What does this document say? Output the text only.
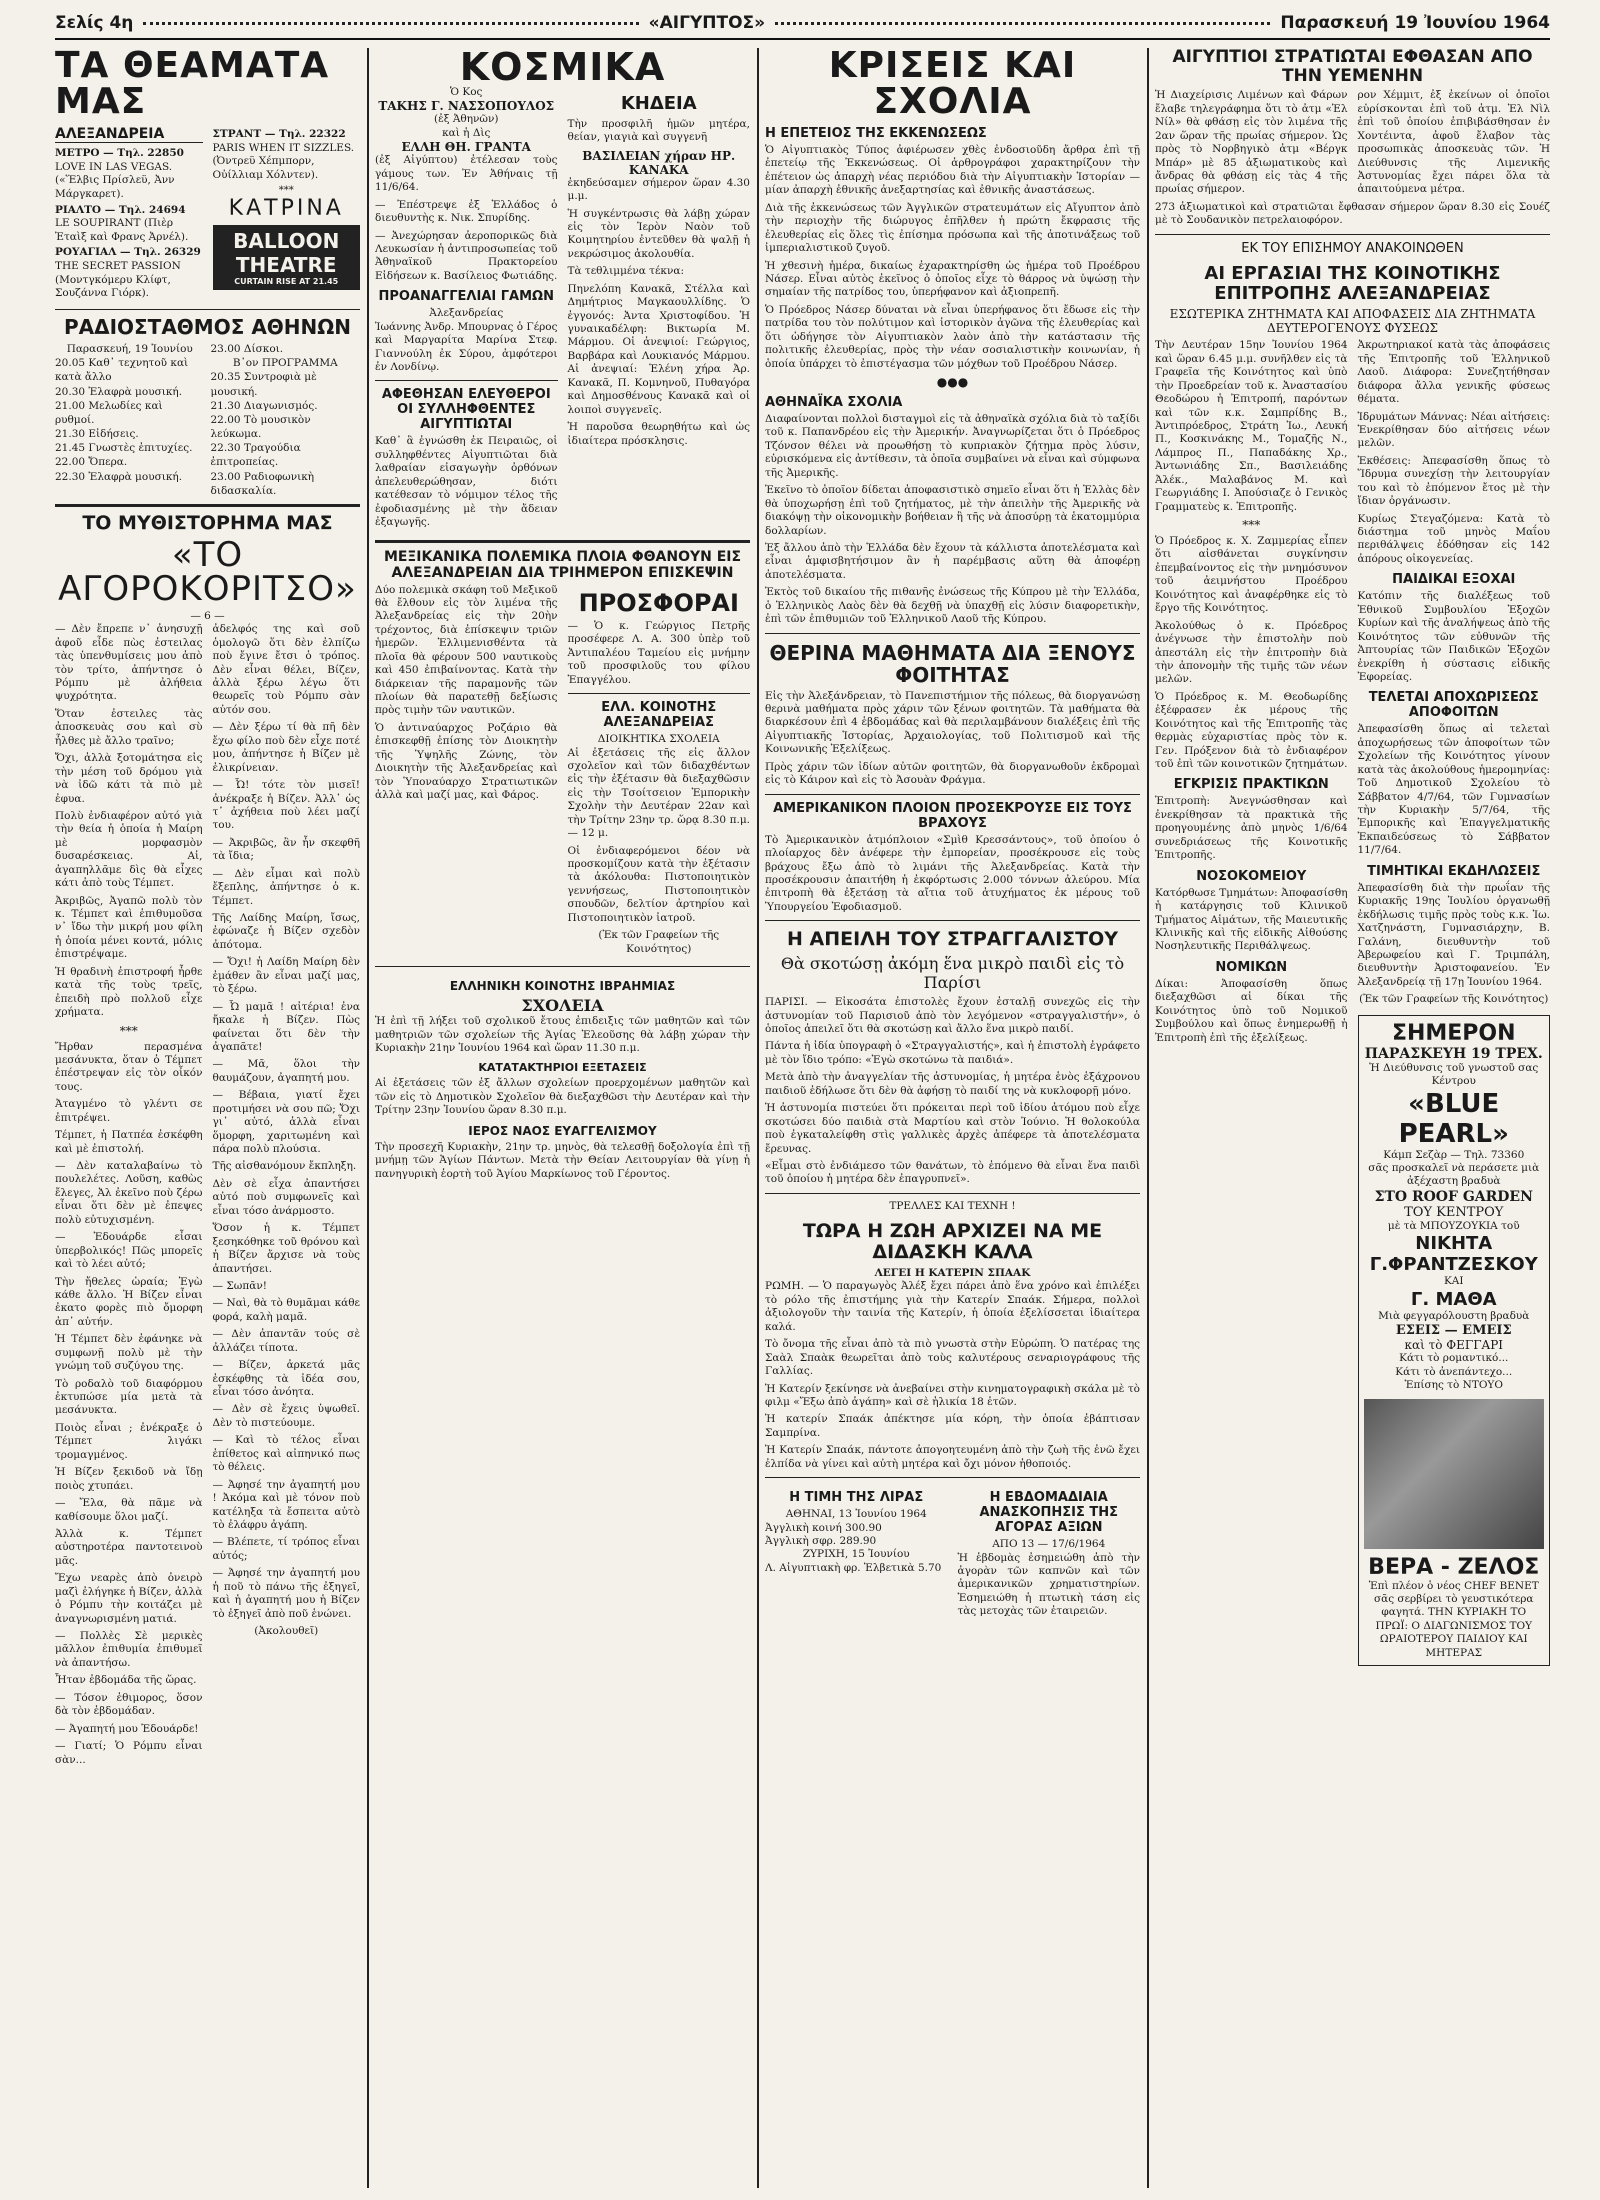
Σελίς 4η	«ΑΙΓΥΠΤΟΣ»	Παρασκευή 19 Ἰουνίου 1964
ΤΑ ΘΕΑΜΑΤΑ ΜΑΣ
ΑΛΕΞΑΝΔΡΕΙΑ
ΜΕΤΡΟ — Τηλ. 22850
LOVE IN LAS VEGAS. («Ἕλβις Πρίσλεϋ, Ἀνν Μάργκαρετ).
ΡΙΑΛΤΟ — Τηλ. 24694
LE SOUPIRANT (Πιὲρ Ἐταὶξ καὶ Φρανς Ἀρνέλ).
ΡΟΥΑΓΙΑΛ — Τηλ. 26329
THE SECRET PASSION (Μοντγκόμερυ Κλίφτ, Σουζάννα Γιόρκ).
ΣΤΡΑΝΤ — Τηλ. 22322
PARIS WHEN IT SIZZLES. (Ὀντρεϋ Χέπμπορν, Οὐίλλιαμ Χόλντεν).
***
ΚΑΤΡΙΝΑ
BALLOON
THEATRE
CURTAIN RISE AT 21.45
ΡΑΔΙΟΣΤΑΘΜΟΣ ΑΘΗΝΩΝ
Παρασκευή, 19 Ἰουνίου
20.05 Καθ᾽ τεχνητοῦ καὶ κατὰ ἄλλο
20.30 Ἐλαφρὰ μουσική.
21.00 Μελωδίες καὶ ρυθμοί.
21.30 Εἰδήσεις.
21.45 Γνωστὲς ἐπιτυχίες.
22.00 Ὄπερα.
22.30 Ἐλαφρὰ μουσική.
23.00 Δίσκοι.
Β᾽ον ΠΡΟΓΡΑΜΜΑ
20.35 Συντροφιὰ μὲ μουσική.
21.30 Διαγωνισμός.
22.00 Τὸ μουσικὸν λεύκωμα.
22.30 Τραγούδια ἐπιτροπείας.
23.00 Ραδιοφωνικὴ διδασκαλία.
ΤΟ ΜΥΘΙΣΤΟΡΗΜΑ ΜΑΣ
«ΤΟ ΑΓΟΡΟΚΟΡΙΤΣΟ»
— 6 —

— Δὲν ἔπρεπε ν᾽ ἀνησυχῇ ἀφοῦ εἶδε πὼς ἐστειλας τὰς ὑπενθυμίσεις μου ἀπὸ τὸν τρίτο, ἀπήντησε ὁ Ρόμπυ μὲ ἀλήθεια ψυχρότητα.

Ὅταν ἐστειλες τὰς ἀποσκευὰς σου καὶ σὺ ἦλθες μὲ ἄλλο τραῖνο;

Ὄχι, ἀλλὰ ξοτομάτησα εἰς τὴν μέση τοῦ δρόμου γιὰ νὰ ἰδῶ κάτι τὰ πιὸ μὲ ἐφυα.

Πολὺ ἐνδιαφέρον αὐτό γιὰ τὴν θεία ἡ ὁποία ἡ Μαίρη μὲ μορφασμὸν δυσαρέσκειας. Αἰ, ἀγαπηλλᾶμε δὶς θὰ εἶχες κάτι ἀπὸ τοὺς Τέμπετ.

Ἀκριβῶς, Ἀγαπῶ πολὺ τὸν κ. Τέμπετ καὶ ἐπιθυμοῦσα ν᾽ ἴδω τὴν μικρή μου φίλη ἡ ὁποία μένει κοντά, μόλις ἐπιστρέψαμε.

Ἡ θραδινὴ ἐπιστροφή ἦρθε κατὰ τῆς τοὺς τρεῖς, ἐπειδὴ πρὸ πολλοῦ εἶχε χρήματα.

***

Ἤρθαν περασμένα μεσάνυκτα, ὅταν ὁ Τέμπετ ἐπέστρεψαν εἰς τὸν οἶκόν τους.

Ἀταγμένο τὸ γλέντι σε ἐπιτρέψει.

Τέμπετ, ἡ Πατπέα ἐσκέφθη καὶ μὲ ἐπιστολή.

— Δὲν καταλαβαίνω τὸ πουλελέτες. Λοῦση, καθὼς ἔλεγες, Ἀλ ἐκεῖνο ποὺ ζέρω εἶναι ὅτι δὲν μὲ ἐπεψες πολὺ εὐτυχισμένη.

— Ἐδουάρδε εἶσαι ὑπερβολικός! Πῶς μπορεῖς καὶ τὸ λέει αὐτό;

Τὴν ἤθελες ὡραία; Ἐγὼ κάθε ἄλλο. Ἡ Βίζεν εἶναι ἐκατο φορὲς πιὸ ὄμορφη ἀπ᾽ αὐτήν.

Ἡ Τέμπετ δὲν ἐφάνηκε νὰ συμφωνῇ πολὺ μὲ τὴν γνώμη τοῦ συζύγου της.

Τὸ ροδαλὸ τοῦ διαφόρμου ἐκτυπώσε μία μετὰ τὰ μεσάνυκτα.

Ποιὸς εἶναι ; ἐνέκραξε ὁ Τέμπετ λιγάκι τρομαγμένος.

Ἡ Βίζεν ξεκιδοῦ νὰ ἴδῃ ποιὸς χτυπάει.

— Ἔλα, θὰ πᾶμε νὰ καθίσουμε ὅλοι μαζί.

Ἀλλὰ κ. Τέμπετ αὐστηροτέρα παντοτεινοὺ μᾶς.

Ἔχω νεαρὲς ἀπὸ ὀνειρὸ μαζὶ ἐλήγηκε ἡ Βίζεν, ἀλλὰ ὁ Ρόμπυ τὴν κοιτάζει μὲ ἀναγνωρισμένη ματιά.

— Πολλὲς Σὲ μερικὲς μᾶλλον ἐπιθυμία ἐπιθυμεῖ νὰ ἀπαντήσω.

Ἦταν ἐβδομάδα τῆς ὥρας.

— Τόσον ἐθιμορος, ὅσον δὰ τὸν ἐβδομάδαν.

— Ἀγαπητή μου Ἐδουάρδε!

— Γιατί; Ὁ Ρόμπυ εἶναι σὰν...

ἀδελφός της καὶ σοῦ ὁμολογῶ ὅτι δὲν ἐλπίζω ποὺ ἔγινε ἔτσι ὁ τρόπος. Δὲν εἶναι θέλει, Βίζεν, ἀλλὰ ξέρω λέγω ὅτι θεωρεῖς τοὺ Ρόμπυ σὰν αὐτόν σου.

— Δὲν ξέρω τί θὰ πῆ δὲν ἔχω φίλο ποὺ δὲν εἶχε ποτέ μου, ἀπήντησε ἡ Βίζεν μὲ ἐλικρίνειαν.

— Ὦ! τότε τὸν μισεῖ! ἀνέκραξε ἡ Βίζεν. Ἀλλ᾽ ὡς τ᾽ ἀχήθεια ποὺ λέει μαζί του.

— Ἀκριβῶς, ἂν ἦν σκεφθῆ τὰ ἴδια;

— Δὲν εἶμαι καὶ πολὺ ἔξεπλης, ἀπήντησε ὁ κ. Τέμπετ.

Τῆς Λαίδης Μαίρη, ἴσως, ἐφώναζε ἡ Βίζεν σχεδὸν ἀπότομα.

— Ὄχι! ἡ Λαίδη Μαίρη δὲν ἐμάθεν ἂν εἶναι μαζί μας, τὸ ξέρω.

— Ὦ μαμᾶ ! αἰτέρια! ἐνα ἤκαλε ἡ Βίζεν. Πὼς φαίνεται ὅτι δὲν τὴν ἀγαπᾶτε!

— Μᾶ, ὅλοι τὴν θαυμάζουν, ἀγαπητή μου.

— Βέβαια, γιατί ἔχει προτιμήσει νὰ σου πῶ; Ὄχι γι᾽ αὐτό, ἀλλὰ εἶναι ὅμορφη, χαριτωμένη καὶ πάρα πολὺ πλούσια.

Τῆς αἰσθανόμουν ἔκπληξη.

Δὲν σὲ εἶχα ἀπαντήσει αὐτό ποὺ συμφωνεῖς καὶ εἶναι τόσο ἀνάρμοστο.

Ὅσον ἡ κ. Τέμπετ ξεσηκόθηκε τοῦ θρόνου καὶ ἡ Βίζεν ἄρχισε νὰ τοὺς ἀπαντήσει.

— Σωπᾶν!

— Ναὶ, θὰ τὸ θυμᾶμαι κάθε φορά, καλὴ μαμᾶ.

— Δὲν ἀπαντᾶν τούς σὲ ἀλλάζει τίποτα.

— Βίζεν, ἀρκετά μᾶς ἐσκέφθης τὰ ἰδέα σου, εἶναι τόσο ἀνόητα.

— Δὲν σὲ ἔχεις ὑψωθεῖ. Δὲν τὸ πιστεύουμε.

— Καὶ τὸ τέλος εἶναι ἐπίθετος καὶ αἰπηνικό πως τὸ θέλεις.

— Ἀφησέ την ἀγαπητή μου ! Ἀκόμα καὶ μὲ τόνον ποὺ κατέληξα τὰ ἔσπειτα αὐτὸ τὸ ἐλάφρυ ἀγάπη.

— Βλέπετε, τί τρόπος εἶναι αὐτός;

— Ἀφησέ την ἀγαπητή μου ἡ ποῦ τὸ πάνω τῆς ἐξηγεῖ, καὶ ἡ ἀγαπητή μου ἡ Βίζεν τὸ ἐξηγεῖ ἀπὸ ποῦ ἑνώνει.

(Ἀκολουθεῖ)

ΚΟΣΜΙΚΑ
Ὁ Κος
ΤΑΚΗΣ Γ. ΝΑΣΣΟΠΟΥΛΟΣ
(ἐξ Ἀθηνῶν)
καὶ ἡ Δὶς
ΕΛΛΗ ΘΗ. ΓΡΑΝΤΑ

(ἐξ Αἰγύπτου) ἐτέλεσαν τοὺς γάμους των. Ἐν Ἀθήναις τῇ 11/6/64.

— Ἐπέστρεψε ἐξ Ἑλλάδος ὁ διευθυντὴς κ. Νικ. Σπυρίδης.

— Ἀνεχώρησαν ἀεροπορικῶς διὰ Λευκωσίαν ἡ ἀντιπροσωπείας τοῦ Ἀθηναϊκοῦ Πρακτορείου Εἰδήσεων κ. Βασίλειος Φωτιάδης.

ΠΡΟΑΝΑΓΓΕΛΙΑΙ ΓΑΜΩΝ
Ἀλεξανδρείας

Ἰωάννης Ἀνδρ. Μπουρνας ὁ Γέρος καὶ Μαργαρίτα Μαρίνα Στεφ. Γιαννούλη ἐκ Σύρου, ἀμφότεροι ἐν Λονδίνῳ.

ΑΦΕΘΗΣΑΝ ΕΛΕΥΘΕΡΟΙ ΟΙ ΣΥΛΛΗΦΘΕΝΤΕΣ ΑΙΓΥΠΤΙΩΤΑΙ

Καθ᾽ ἃ ἐγνώσθη ἐκ Πειραιῶς, οἱ συλληφθέντες Αἰγυπτιῶται διὰ λαθραίαν εἰσαγωγὴν ὀρθόνων ἀπελευθερώθησαν, διότι κατέθεσαν τὸ νόμιμον τέλος τῆς ἐφοδιασμένης μὲ τὴν ἄδειαν ἐξαγωγῆς.

ΚΗΔΕΙΑ

Τὴν προσφιλῆ ἡμῶν μητέρα, θείαν, γιαγιὰ καὶ συγγενῆ

ΒΑΣΙΛΕΙΑΝ χήραν ΗΡ. ΚΑΝΑΚΑ

ἐκηδεύσαμεν σήμερον ὥραν 4.30 μ.μ.

Ἡ συγκέντρωσις θὰ λάβῃ χώραν εἰς τὸν Ἱερὸν Ναὸν τοῦ Κοιμητηρίου ἐντεῦθεν θὰ ψαλῇ ἡ νεκρώσιμος ἀκολουθία.

Τὰ τεθλιμμένα τέκνα:

Πηνελόπη Κανακᾶ, Στέλλα καὶ Δημήτριος Μαγκαουλλίδης. Ὁ ἐγγονός: Ἀντα Χριστοφίδου. Ἡ γυναικαδέλφη: Βικτωρία Μ. Μάρμου. Οἱ ἀνεψιοί: Γεώργιος, Βαρβάρα καὶ Λουκιανός Μάρμου. Αἱ ἀνεψιαί: Ἑλένη χήρα Ἀρ. Κανακᾶ, Π. Κομνηνοῦ, Πυθαγόρα καὶ Δημοσθένους Κανακᾶ καὶ οἱ λοιποὶ συγγενεῖς.

Ἡ παροῦσα θεωρηθήτω καὶ ὡς ἰδιαίτερα πρόσκλησις.

ΜΕΞΙΚΑΝΙΚΑ ΠΟΛΕΜΙΚΑ ΠΛΟΙΑ ΦΘΑΝΟΥΝ ΕΙΣ ΑΛΕΞΑΝΔΡΕΙΑΝ ΔΙΑ ΤΡΙΗΜΕΡΟΝ ΕΠΙΣΚΕΨΙΝ

Δύο πολεμικὰ σκάφη τοῦ Μεξικοῦ θὰ ἔλθουν εἰς τὸν λιμένα τῆς Ἀλεξανδρείας εἰς τὴν 20ὴν τρέχοντος, διὰ ἐπίσκεψιν τριῶν ἡμερῶν. Ἐλλιμενισθέντα τὰ πλοῖα θὰ φέρουν 500 ναυτικοὺς καὶ 450 ἐπιβαίνοντας. Κατὰ τὴν διάρκειαν τῆς παραμονῆς τῶν πλοίων θὰ παρατεθῇ δεξίωσις πρὸς τιμὴν τῶν ναυτικῶν.

Ὁ ἀντιναύαρχος Ροζάριο θὰ ἐπισκεφθῇ ἐπίσης τὸν Διοικητὴν τῆς Ὑψηλῆς Ζώνης, τὸν Διοικητὴν τῆς Ἀλεξανδρείας καὶ τὸν Ὑποναύαρχο Στρατιωτικῶν ἀλλὰ καὶ μαζί μας, καὶ Φάρος.

ΠΡΟΣΦΟΡΑΙ

— Ὁ κ. Γεώργιος Πετρῆς προσέφερε Λ. Α. 300 ὑπὲρ τοῦ Ἀντιπαλέου Ταμείου εἰς μνήμην τοῦ προσφιλοῦς του φίλου Ἐπαγγέλου.

ΕΛΛ. ΚΟΙΝΟΤΗΣ ΑΛΕΞΑΝΔΡΕΙΑΣ
ΔΙΟΙΚΗΤΙΚΑ ΣΧΟΛΕΙΑ

Αἱ ἐξετάσεις τῆς εἰς ἄλλον σχολεῖον καὶ τῶν διδαχθέντων εἰς τὴν ἐξέτασιν θὰ διεξαχθῶσιν εἰς τὴν Τσοίτσειον Ἐμπορικὴν Σχολὴν τὴν Δευτέραν 22αν καὶ τὴν Τρίτην 23ην τρ. ὥρᾳ 8.30 π.μ. — 12 μ.

Οἱ ἐνδιαφερόμενοι δέον νὰ προσκομίζουν κατὰ τὴν ἐξέτασιν τὰ ἀκόλουθα: Πιστοποιητικὸν γεννήσεως, Πιστοποιητικὸν σπουδῶν, δελτίον ἀρτηρίου καὶ Πιστοποιητικὸν ἰατροῦ.

(Ἐκ τῶν Γραφείων τῆς Κοινότητος)

ΕΛΛΗΝΙΚΗ ΚΟΙΝΟΤΗΣ ΙΒΡΑΗΜΙΑΣ
ΣΧΟΛΕΙΑ

Ἡ ἐπὶ τῇ λήξει τοῦ σχολικοῦ ἔτους ἐπιδειξις τῶν μαθητῶν καὶ τῶν μαθητριῶν τῶν σχολείων τῆς Ἀγίας Ἐλεοῦσης θὰ λάβῃ χώραν τὴν Κυριακὴν 21ην Ἰουνίου 1964 καὶ ὥραν 11.30 π.μ.

ΚΑΤΑΤΑΚΤΗΡΙΟΙ ΕΞΕΤΑΣΕΙΣ

Αἱ ἐξετάσεις τῶν ἐξ ἄλλων σχολείων προερχομένων μαθητῶν καὶ τῶν εἰς τὸ Δημοτικὸν Σχολεῖον θὰ διεξαχθῶσι τὴν Δευτέραν καὶ τὴν Τρίτην 23ην Ἰουνίου ὥραν 8.30 π.μ.

ΙΕΡΟΣ ΝΑΟΣ ΕΥΑΓΓΕΛΙΣΜΟΥ

Τὴν προσεχῆ Κυριακὴν, 21ην τρ. μηνὸς, θὰ τελεσθῇ δοξολογία ἐπὶ τῇ μνήμῃ τῶν Ἁγίων Πάντων. Μετὰ τὴν Θείαν Λειτουργίαν θὰ γίνῃ ἡ πανηγυρικὴ ἑορτὴ τοῦ Ἁγίου Μαρκίωνος τοῦ Γέροντος.

ΚΡΙΣΕΙΣ ΚΑΙ ΣΧΟΛΙΑ
Η ΕΠΕΤΕΙΟΣ ΤΗΣ ΕΚΚΕΝΩΣΕΩΣ

Ὁ Αἰγυπτιακὸς Τύπος ἀφιέρωσεν χθὲς ἐνδοσιοῦδη ἄρθρα ἐπὶ τῇ ἐπετείῳ τῆς Ἐκκενώσεως. Οἱ ἀρθρογράφοι χαρακτηρίζουν τὴν ἐπέτειον ὡς ἀπαρχὴ νέας περιόδου διὰ τὴν Αἰγυπτιακὴν Ἱστορίαν — μίαν ἀπαρχὴ ἐθνικῆς ἀνεξαρτησίας καὶ ἐθνικῆς ἀναστάσεως.

Διὰ τῆς ἐκκενώσεως τῶν Ἀγγλικῶν στρατευμάτων εἰς Αἴγυπτον ἀπὸ τὴν περιοχὴν τῆς διώρυγος ἐπῆλθεν ἡ πρώτη ἔκφρασις τῆς ἐλευθερίας εἰς ὅλες τὶς ἐπίσημα πρόσωπα καὶ τῆς ἀποτινάξεως τοῦ ἰμπεριαλιστικοῦ ζυγοῦ.

Ἡ χθεσινὴ ἡμέρα, δικαίως ἐχαρακτηρίσθη ὡς ἡμέρα τοῦ Προέδρου Νάσερ. Εἶναι αὐτὸς ἐκεῖνος ὁ ὁποῖος εἶχε τὸ θάρρος νὰ ὑψώσῃ τὴν σημαίαν τῆς πατρίδος του, ὑπερήφανον καὶ ἀξιοπρεπῆ.

Ὁ Πρόεδρος Νάσερ δύναται νὰ εἶναι ὑπερήφανος ὅτι ἔδωσε εἰς τὴν πατρίδα του τὸν πολύτιμον καὶ ἱστορικὸν ἀγῶνα τῆς ἐλευθερίας καὶ ὅτι ὡδήγησε τὸν Αἰγυπτιακὸν λαὸν ἀπὸ τὴν κατάστασιν τῆς πολιτικῆς ἐλευθερίας, πρὸς τὴν νέαν σοσιαλιστικὴν κοινωνίαν, ἡ ὁποία ὑπάρχει τὸ ἐπιστέγασμα τῶν μόχθων τοῦ Προέδρου Νάσερ.

●●●
ΑΘΗΝΑΪΚΑ ΣΧΟΛΙΑ

Διαφαίνονται πολλοὶ δισταγμοὶ εἰς τὰ ἀθηναϊκὰ σχόλια διὰ τὸ ταξίδι τοῦ κ. Παπανδρέου εἰς τὴν Ἀμερικήν. Ἀναγνωρίζεται ὅτι ὁ Πρόεδρος Τζόνσον θέλει νὰ προωθήσῃ τὸ κυπριακὸν ζήτημα πρὸς λύσιν, εὐρισκόμενα εἰς ἀντίθεσιν, τὰ ὁποῖα συμβαίνει νὰ εἶναι καὶ σύμφωνα τῆς Ἀμερικῆς.

Ἐκεῖνο τὸ ὁποῖον δίδεται ἀποφασιστικὸ σημεῖο εἶναι ὅτι ἡ Ἑλλὰς δὲν θὰ ὑποχωρήσῃ ἐπὶ τοῦ ζητήματος, μὲ τὴν ἀπειλὴν τῆς Ἀμερικῆς νὰ διακόψῃ τὴν οἰκονομικὴν βοήθειαν ἢ τῆς νὰ ἀποσύρῃ τὰ ἑκατομμύρια δολλαρίων.

Ἐξ ἄλλου ἀπὸ τὴν Ἑλλάδα δὲν ἔχουν τὰ κάλλιστα ἀποτελέσματα καὶ εἶναι ἀμφισβητήσιμον ἂν ἡ παρέμβασις αὕτη θὰ ἀποφέρῃ ἀποτελέσματα.

Ἐκτὸς τοῦ δικαίου τῆς πιθανῆς ἐνώσεως τῆς Κύπρου μὲ τὴν Ἑλλάδα, ὁ Ἑλληνικὸς Λαὸς δὲν θὰ δεχθῇ νὰ ὑπαχθῇ εἰς λύσιν διαφορετικὴν, ἐπὶ τῶν ἐπιθυμιῶν τοῦ Ἑλληνικοῦ Λαοῦ τῆς Κύπρου.

ΘΕΡΙΝΑ ΜΑΘΗΜΑΤΑ ΔΙΑ ΞΕΝΟΥΣ ΦΟΙΤΗΤΑΣ

Εἰς τὴν Ἀλεξάνδρειαν, τὸ Πανεπιστήμιον τῆς πόλεως, θὰ διοργανώσῃ θερινὰ μαθήματα πρὸς χάριν τῶν ξένων φοιτητῶν. Τὰ μαθήματα θὰ διαρκέσουν ἐπὶ 4 ἑβδομάδας καὶ θὰ περιλαμβάνουν διαλέξεις ἐπὶ τῆς Αἰγυπτιακῆς Ἱστορίας, Ἀρχαιολογίας, τοῦ Πολιτισμοῦ καὶ τῆς Κοινωνικῆς Ἐξελίξεως.

Πρὸς χάριν τῶν ἰδίων αὐτῶν φοιτητῶν, θὰ διοργανωθοῦν ἐκδρομαὶ εἰς τὸ Κάιρον καὶ εἰς τὸ Ἀσουὰν Φράγμα.

ΑΜΕΡΙΚΑΝΙΚΟΝ ΠΛΟΙΟΝ ΠΡΟΣΕΚΡΟΥΣΕ ΕΙΣ ΤΟΥΣ ΒΡΑΧΟΥΣ

Τὸ Ἀμερικανικὸν ἀτμόπλοιον «Σμὶθ Κρεσσάντους», τοῦ ὁποίου ὁ πλοίαρχος δὲν ἀνέφερε τὴν ἐμπορείαν, προσέκρουσε εἰς τοὺς βράχους ἔξω ἀπὸ τὸ λιμάνι τῆς Ἀλεξανδρείας. Κατὰ τὴν προσέκρουσιν ἀπαιτήθη ἡ ἐκφόρτωσις 2.000 τόννων ἀλεύρου. Μία ἐπιτροπὴ θὰ ἐξετάσῃ τὰ αἴτια τοῦ ἀτυχήματος ἐκ μέρους τοῦ Ὑπουργείου Ἐφοδιασμοῦ.

Η ΑΠΕΙΛΗ ΤΟΥ ΣΤΡΑΓΓΑΛΙΣΤΟΥ
Θὰ σκοτώσῃ ἀκόμη ἕνα μικρὸ παιδὶ εἰς τὸ Παρίσι

ΠΑΡΙΣΙ. — Εἰκοσάτα ἐπιστολὲς ἔχουν ἐσταλῇ συνεχῶς εἰς τὴν ἀστυνομίαν τοῦ Παρισιοῦ ἀπὸ τὸν λεγόμενον «στραγγαλιστήν», ὁ ὁποῖος ἀπειλεῖ ὅτι θὰ σκοτώσῃ καὶ ἄλλο ἕνα μικρὸ παιδί.

Πάντα ἡ ἰδία ὑπογραφὴ ὁ «Στραγγαλιστής», καὶ ἡ ἐπιστολὴ ἐγράφετο μὲ τὸν ἴδιο τρόπο: «Ἐγὼ σκοτώνω τὰ παιδιά».

Μετὰ ἀπὸ τὴν ἀναγγελίαν τῆς ἀστυνομίας, ἡ μητέρα ἑνὸς ἑξάχρονου παιδιοῦ ἐδήλωσε ὅτι δὲν θὰ ἀφήσῃ τὸ παιδί της νὰ κυκλοφορῇ μόνο.

Ἡ ἀστυνομία πιστεύει ὅτι πρόκειται περὶ τοῦ ἰδίου ἀτόμου ποὺ εἶχε σκοτώσει δύο παιδιὰ στὰ Μαρτίου καὶ στὸν Ἰούνιο. Ἡ θολοκούλα ποὺ ἐγκαταλείφθη στὶς γαλλικὲς ἀρχὲς ἀπέφερε τὰ ἀποτελέσματα ἔρευνας.

«Εἶμαι στὸ ἐνδιάμεσο τῶν θανάτων, τὸ ἐπόμενο θὰ εἶναι ἕνα παιδὶ τοῦ ὁποίου ἡ μητέρα δὲν ἐπαγρυπνεῖ».

ΤΡΕΛΛΕΣ ΚΑΙ ΤΕΧΝΗ !
ΤΩΡΑ Η ΖΩΗ ΑΡΧΙΖΕΙ ΝΑ ΜΕ ΔΙΔΑΣΚΗ ΚΑΛΑ
ΛΕΓΕΙ Η ΚΑΤΕΡΙΝ ΣΠΑΑΚ

ΡΩΜΗ. — Ὁ παραγωγὸς Ἀλέξ ἔχει πάρει ἀπὸ ἕνα χρόνο καὶ ἐπιλέξει τὸ ρόλο τῆς ἐπιστήμης γιὰ τὴν Κατερίν Σπαάκ. Σήμερα, πολλοὶ ἀξιολογοῦν τὴν ταινία τῆς Κατερίν, ἡ ὁποία ἐξελίσσεται ἰδιαίτερα καλά.

Τὸ ὄνομα τῆς εἶναι ἀπὸ τὰ πιὸ γνωστὰ στὴν Εὐρώπη. Ὁ πατέρας της Σαὰλ Σπαὰκ θεωρεῖται ἀπὸ τοὺς καλυτέρους σεναριογράφους τῆς Γαλλίας.

Ἡ Κατερίν ξεκίνησε νὰ ἀνεβαίνει στὴν κινηματογραφικὴ σκάλα μὲ τὸ φιλμ «Ἔξω ἀπὸ ἀγάπη» καὶ σὲ ἡλικία 18 ἐτῶν.

Ἡ κατερίν Σπαάκ ἀπέκτησε μία κόρη, τὴν ὁποία ἐβάπτισαν Σαμπρίνα.

Ἡ Κατερίν Σπαάκ, πάντοτε ἀπογοητευμένη ἀπὸ τὴν ζωὴ τῆς ἐνῶ ἔχει ἐλπίδα νὰ γίνει καὶ αὐτὴ μητέρα καὶ ὄχι μόνον ἡθοποιός.

Η ΤΙΜΗ ΤΗΣ ΛΙΡΑΣ
ΑΘΗΝΑΙ, 13 Ἰουνίου 1964
Ἀγγλικὴ κοινή 300.90
Ἀγγλικὴ σφρ. 289.90
ΖΥΡΙΧΗ, 15 Ἰουνίου
Λ. Αἰγυπτιακὴ φρ. Ἐλβετικὰ 5.70
Η ΕΒΔΟΜΑΔΙΑΙΑ ΑΝΑΣΚΟΠΗΣΙΣ ΤΗΣ ΑΓΟΡΑΣ ΑΞΙΩΝ
ΑΠΟ 13 — 17/6/1964

Ἡ ἑβδομὰς ἐσημειώθη ἀπὸ τὴν ἀγορὰν τῶν καπνῶν καὶ τῶν ἀμερικανικῶν χρηματιστηρίων. Ἐσημειώθη ἡ πτωτικὴ τάση εἰς τὰς μετοχὰς τῶν ἐταιρειῶν.

ΑΙΓΥΠΤΙΟΙ ΣΤΡΑΤΙΩΤΑΙ ΕΦΘΑΣΑΝ ΑΠΟ ΤΗΝ ΥΕΜΕΝΗΝ

Ἡ Διαχείρισις Λιμένων καὶ Φάρων ἔλαβε τηλεγράφημα ὅτι τὸ ἀτμ «Ἐλ Νίλ» θὰ φθάσῃ εἰς τὸν λιμένα τῆς 2αν ὥραν τῆς πρωίας σήμερον. Ὡς πρὸς τὸ Νορβηγικὸ ἀτμ «Βέργκ Μπάρ» μὲ 85 ἀξιωματικοὺς καὶ ἄνδρας θὰ φθάσῃ εἰς τὰς 4 τῆς πρωίας σήμερον.

ρον Χέμμιτ, ἐξ ἐκείνων οἱ ὁποῖοι εὑρίσκονται ἐπὶ τοῦ ἀτμ. Ἐλ Νὶλ ἐπὶ τοῦ ὁποίου ἐπιβιβάσθησαν ἐν Χοντέιντα, ἀφοῦ ἔλαβον τὰς προσωπικὰς ἀποσκευὰς τῶν. Ἡ Διεύθυνσις τῆς Λιμενικῆς Ἀστυνομίας ἔχει πάρει ὅλα τὰ ἀπαιτούμενα μέτρα.

273 ἀξιωματικοὶ καὶ στρατιῶται ἔφθασαν σήμερον ὥραν 8.30 εἰς Σουέζ μὲ τὸ Σουδανικὸν πετρελαιοφόρον.

ΕΚ ΤΟΥ ΕΠΙΣΗΜΟΥ ΑΝΑΚΟΙΝΩΘΕΝ
ΑΙ ΕΡΓΑΣΙΑΙ ΤΗΣ ΚΟΙΝΟΤΙΚΗΣ ΕΠΙΤΡΟΠΗΣ ΑΛΕΞΑΝΔΡΕΙΑΣ
ΕΣΩΤΕΡΙΚΑ ΖΗΤΗΜΑΤΑ ΚΑΙ ΑΠΟΦΑΣΕΙΣ ΔΙΑ ΖΗΤΗΜΑΤΑ ΔΕΥΤΕΡΟΓΕΝΟΥΣ ΦΥΣΕΩΣ

Τὴν Δευτέραν 15ην Ἰουνίου 1964 καὶ ὥραν 6.45 μ.μ. συνῆλθεν εἰς τὰ Γραφεῖα τῆς Κοινότητος καὶ ὑπὸ τὴν Προεδρείαν τοῦ κ. Ἀναστασίου Θεοδώρου ἡ Ἐπιτροπή, παρόντων καὶ τῶν κ.κ. Σαμπρίδης Β., Ἀντιπρόεδρος, Στράτη Ἰω., Λευκή Π., Κοσκινάκης Μ., Τομαζῆς Ν., Λάμπρος Π., Παπαδάκης Χρ., Ἀντωνιάδης Σπ., Βασιλειάδης Ἀλέκ., Μαλαβάνος Μ. καὶ Γεωργιάδης Ι. Ἀπούσιαζε ὁ Γενικὸς Γραμματεὺς κ. Ἐπιτροπῆς.

***

Ὁ Πρόεδρος κ. Χ. Ζαμμερίας εἶπεν ὅτι αἰσθάνεται συγκίνησιν ἐπεμβαίνοντος εἰς τὴν μνημόσυνον τοῦ ἀειμνήστου Προέδρου Κοινότητος καὶ ἀναφέρθηκε εἰς τὸ ἔργο τῆς Κοινότητος.

Ἀκολούθως ὁ κ. Πρόεδρος ἀνέγνωσε τὴν ἐπιστολὴν ποὺ ἀπεστάλη εἰς τὴν ἐπιτροπὴν διὰ τὴν ἀπονομὴν τῆς τιμῆς τῶν νέων μελῶν.

Ὁ Πρόεδρος κ. Μ. Θεοδωρίδης ἐξέφρασεν ἐκ μέρους τῆς Κοινότητος καὶ τῆς Ἐπιτροπῆς τὰς θερμὰς εὐχαριστίας πρὸς τὸν κ. Γεν. Πρόξενον διὰ τὸ ἐνδιαφέρον τοῦ ἐπὶ τῶν κοινοτικῶν ζητημάτων.

ΕΓΚΡΙΣΙΣ ΠΡΑΚΤΙΚΩΝ

Ἐπιτροπὴ: Ἀνεγνώσθησαν καὶ ἐνεκρίθησαν τὰ πρακτικὰ τῆς προηγουμένης ἀπὸ μηνὸς 1/6/64 συνεδριάσεως τῆς Κοινοτικῆς Ἐπιτροπῆς.

ΝΟΣΟΚΟΜΕΙΟΥ

Κατόρθωσε Τμημάτων: Ἀποφασίσθη ἡ κατάργησις τοῦ Κλινικοῦ Τμήματος Αἱμάτων, τῆς Μαιευτικῆς Κλινικῆς καὶ τῆς εἰδικῆς Αἰθούσης Νοσηλευτικῆς Περιθάλψεως.

ΝΟΜΙΚΩΝ

Δίκαι: Ἀποφασίσθη ὅπως διεξαχθῶσι αἱ δίκαι τῆς Κοινότητος ὑπὸ τοῦ Νομικοῦ Συμβούλου καὶ ὅπως ἐνημερωθῇ ἡ Ἐπιτροπὴ ἐπὶ τῆς ἐξελίξεως.

Ἀκρωτηριακοί κατὰ τὰς ἀποφάσεις τῆς Ἐπιτροπῆς τοῦ Ἑλληνικοῦ Λαοῦ. Διάφορα: Συνεζητήθησαν διάφορα ἄλλα γενικῆς φύσεως θέματα.

Ἱδρυμάτων Μάννας: Νέαι αἰτήσεις: Ἐνεκρίθησαν δύο αἰτήσεις νέων μελῶν.

Ἐκθέσεις: Ἀπεφασίσθη ὅπως τὸ Ἵδρυμα συνεχίσῃ τὴν λειτουργίαν του καὶ τὸ ἐπόμενον ἔτος μὲ τὴν ἴδιαν ὀργάνωσιν.

Κυρίως Στεγαζόμενα: Κατὰ τὸ διάστημα τοῦ μηνὸς Μαΐου περιθάλψεις ἐδόθησαν εἰς 142 ἀπόρους οἰκογενείας.

ΠΑΙΔΙΚΑΙ ΕΞΟΧΑΙ

Κατόπιν τῆς διαλέξεως τοῦ Ἐθνικοῦ Συμβουλίου Ἐξοχῶν Κυρίων καὶ τῆς ἀναλήψεως ἀπὸ τῆς Κοινότητος τῶν εὐθυνῶν τῆς Ἀπτουρίας τῶν Παιδικῶν Ἐξοχῶν ἐνεκρίθη ἡ σύστασις εἰδικῆς Ἐφορείας.

ΤΕΛΕΤΑΙ ΑΠΟΧΩΡΙΣΕΩΣ ΑΠΟΦΟΙΤΩΝ

Ἀπεφασίσθη ὅπως αἱ τελεταὶ ἀποχωρήσεως τῶν ἀποφοίτων τῶν Σχολείων τῆς Κοινότητος γίνουν κατὰ τὰς ἀκολούθους ἡμερομηνίας: Τοῦ Δημοτικοῦ Σχολείου τὸ Σάββατον 4/7/64, τῶν Γυμνασίων τὴν Κυριακὴν 5/7/64, τῆς Ἐμπορικῆς καὶ Ἐπαγγελματικῆς Ἐκπαιδεύσεως τὸ Σάββατον 11/7/64.

ΤΙΜΗΤΙΚΑΙ ΕΚΔΗΛΩΣΕΙΣ

Ἀπεφασίσθη διὰ τὴν πρωΐαν τῆς Κυριακῆς 19ης Ἰουλίου ὀργανωθῇ ἐκδήλωσις τιμῆς πρὸς τοὺς κ.κ. Ἰω. Χατζηνάστη, Γυμνασιάρχην, Β. Γαλάνη, διευθυντὴν τοῦ Ἀβερωφείου καὶ Γ. Τριμπάλη, διευθυντὴν Ἀριστοφανείου. Ἐν Ἀλεξανδρείᾳ τῇ 17ῃ Ἰουνίου 1964.

(Ἐκ τῶν Γραφείων τῆς Κοινότητος)

ΣΗΜΕΡΟΝ
ΠΑΡΑΣΚΕΥΗ 19 ΤΡΕΧ.
Ἡ Διεύθυνσις τοῦ γνωστοῦ σας Κέντρου
«BLUE PEARL»
Κάμπ Σεζὰρ — Τηλ. 73360
σᾶς προσκαλεῖ νὰ περάσετε μιὰ ἀξέχαστη βραδυὰ
ΣΤΟ ROOF GARDEN
ΤΟΥ ΚΕΝΤΡΟΥ
μὲ τὰ ΜΠΟΥΖΟΥΚΙΑ τοῦ
ΝΙΚΗΤΑ Γ.ΦΡΑΝΤΖΕΣΚΟΥ
ΚΑΙ
Γ. ΜΑΘΑ
Μιὰ φεγγαρόλουστη βραδυὰ
ΕΣΕΙΣ — ΕΜΕΙΣ
καὶ τὸ ΦΕΓΓΑΡΙ
Κάτι τὸ ρομαντικό...
Κάτι τὸ ἀνεπάντεχο...
Ἐπίσης τὸ ΝΤΟΥΟ
ΒΕΡΑ - ΖΕΛΟΣ
Ἐπὶ πλέον ὁ νέος CHEF ΒΕΝΕΤ σᾶς σερβίρει τὸ γευστικότερα φαγητά. ΤΗΝ ΚΥΡΙΑΚΗ ΤΟ ΠΡΩΪ: Ο ΔΙΑΓΩΝΙΣΜΟΣ ΤΟΥ ΩΡΑΙΟΤΕΡΟΥ ΠΑΙΔΙΟΥ ΚΑΙ ΜΗΤΕΡΑΣ
